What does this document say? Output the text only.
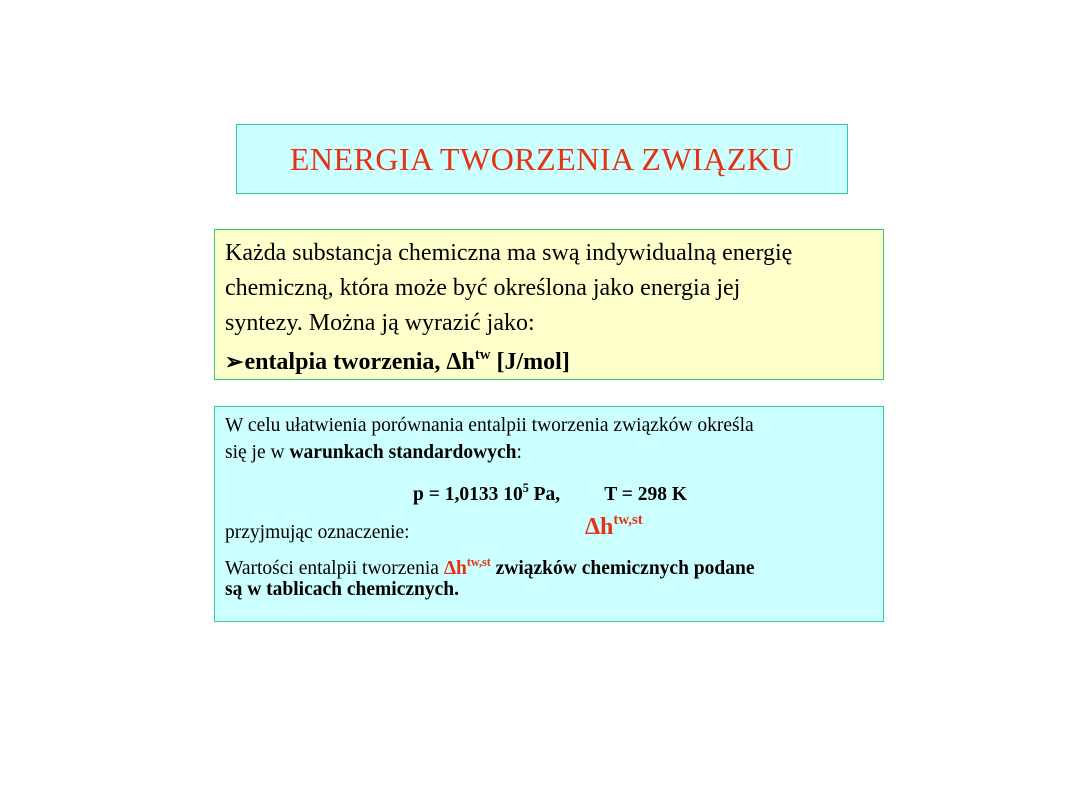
ENERGIA TWORZENIA ZWIĄZKU

Każda substancja chemiczna ma swą indywidualną energię

chemiczną, która może być określona jako energia jej

syntezy. Można ją wyrazić jako:

➢ entalpia tworzenia, $\Delta h^{tw}$ [J/mol]

W celu ułatwienia porównania entalpii tworzenia związków określa

się je w warunkach standardowych:

p = 1,0133 $10^5$ Pa, T = 298 K
przyjmując oznaczenie:	$\Delta h^{tw,st}$

Wartości entalpii tworzenia $\Delta h^{tw,st}$ związków chemicznych podane
są w tablicach chemicznych.
